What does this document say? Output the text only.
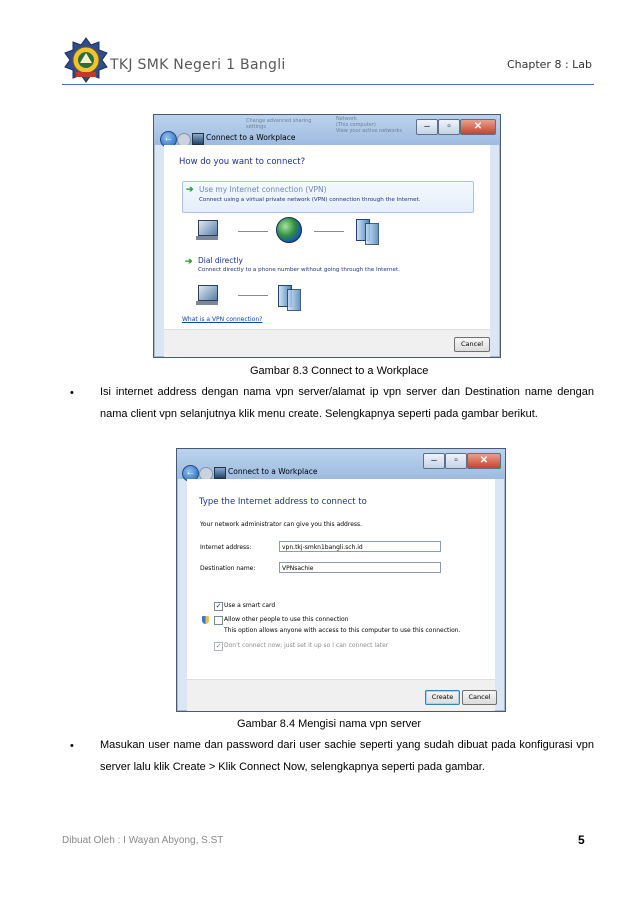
TKJ SMK Negeri 1 Bangli	Chapter 8 : Lab
Change advanced sharing
settings
Network
(This computer)
View your active networks	–	▫	✕
←	Connect to a Workplace
How do you want to connect?
➔ Use my Internet connection (VPN)
Connect using a virtual private network (VPN) connection through the Internet.
➔ Dial directly
Connect directly to a phone number without going through the Internet.
What is a VPN connection?
Cancel
Gambar 8.3 Connect to a Workplace
• Isi internet address dengan nama vpn server/alamat ip vpn server dan Destination name dengan nama client vpn selanjutnya klik menu create. Selengkapnya seperti pada gambar berikut.
–	▫	✕
←	Connect to a Workplace
Type the Internet address to connect to
Your network administrator can give you this address.
Internet address:	vpn.tkj-smkn1bangli.sch.id
Destination name:	VPNsachie
✓ Use a smart card
Allow other people to use this connection
This option allows anyone with access to this computer to use this connection.
✓ Don't connect now; just set it up so I can connect later
Create	Cancel
Gambar 8.4 Mengisi nama vpn server
• Masukan user name dan password dari user sachie seperti yang sudah dibuat pada konfigurasi vpn server lalu klik Create > Klik Connect Now, selengkapnya seperti pada gambar.
Dibuat Oleh : I Wayan Abyong, S.ST	5
